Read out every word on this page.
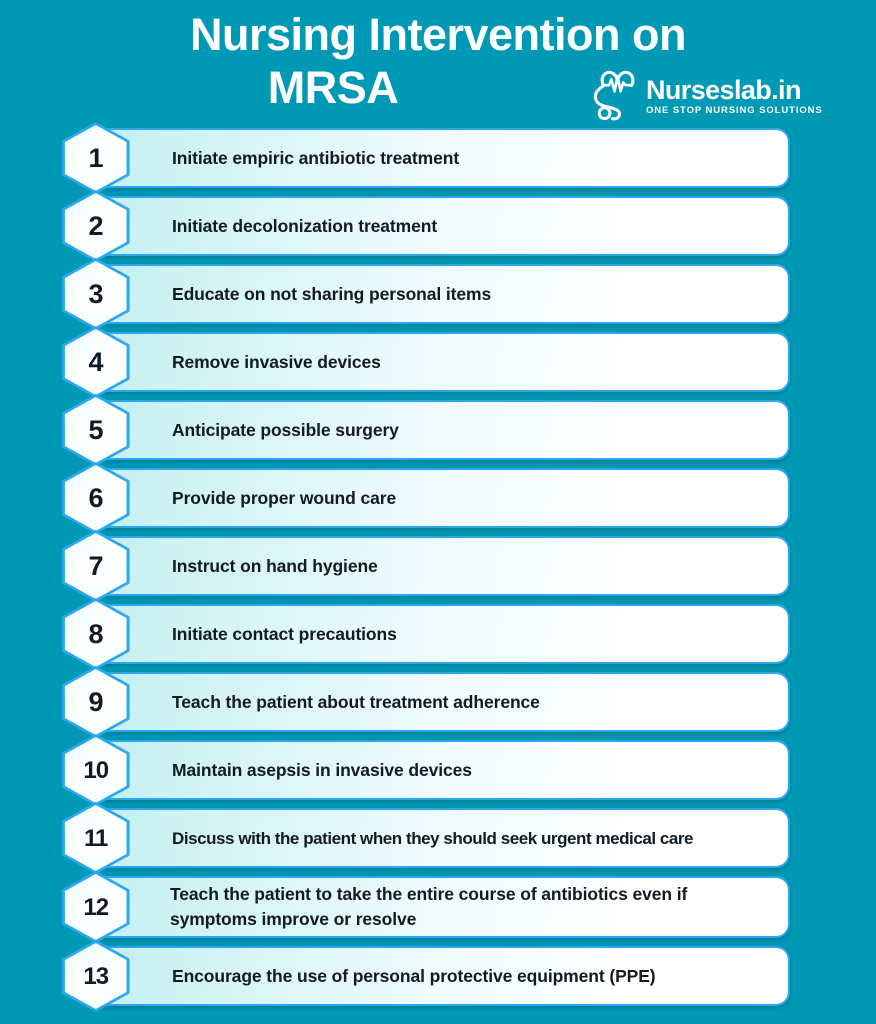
Nursing Intervention on
MRSA	Nurseslab.in
ONE STOP NURSING SOLUTIONS
Initiate empiric antibiotic treatment
1
Initiate decolonization treatment
2
Educate on not sharing personal items
3
Remove invasive devices
4
Anticipate possible surgery
5
Provide proper wound care
6
Instruct on hand hygiene
7
Initiate contact precautions
8
Teach the patient about treatment adherence
9
Maintain asepsis in invasive devices
10
Discuss with the patient when they should seek urgent medical care
11
Teach the patient to take the entire course of antibiotics even if symptoms improve or resolve
12
Encourage the use of personal protective equipment (PPE)
13
